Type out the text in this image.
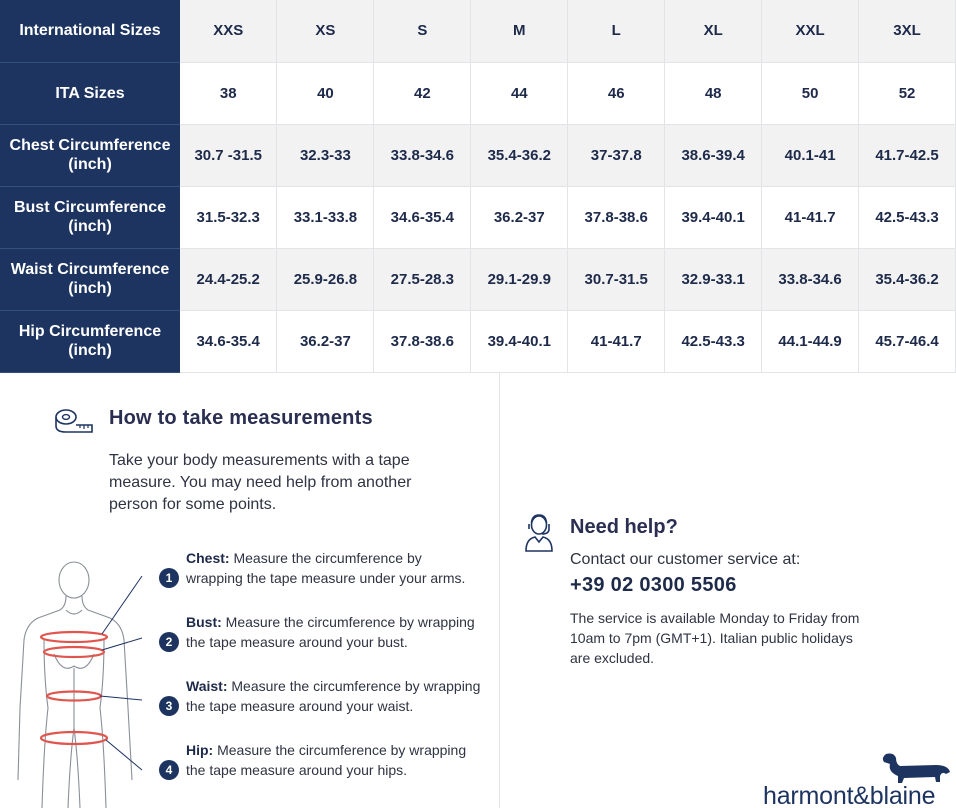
International Sizes	XXS	XS	S	M	L	XL	XXL	3XL
ITA Sizes	38	40	42	44	46	48	50	52
Chest Circumference (inch)	30.7 -31.5	32.3-33	33.8-34.6	35.4-36.2	37-37.8	38.6-39.4	40.1-41	41.7-42.5
Bust Circumference (inch)	31.5-32.3	33.1-33.8	34.6-35.4	36.2-37	37.8-38.6	39.4-40.1	41-41.7	42.5-43.3
Waist Circumference (inch)	24.4-25.2	25.9-26.8	27.5-28.3	29.1-29.9	30.7-31.5	32.9-33.1	33.8-34.6	35.4-36.2
Hip Circumference (inch)	34.6-35.4	36.2-37	37.8-38.6	39.4-40.1	41-41.7	42.5-43.3	44.1-44.9	45.7-46.4
How to take measurements
Take your body measurements with a tape measure. You may need help from another person for some points.
1
Chest: Measure the circumference by wrapping the tape measure under your arms.
2
Bust: Measure the circumference by wrapping the tape measure around your bust.
3
Waist: Measure the circumference by wrapping the tape measure around your waist.
4
Hip: Measure the circumference by wrapping the tape measure around your hips.
Need help?
Contact our customer service at:
+39 02 0300 5506
The service is available Monday to Friday from 10am to 7pm (GMT+1). Italian public holidays are excluded.
harmont&blaine
